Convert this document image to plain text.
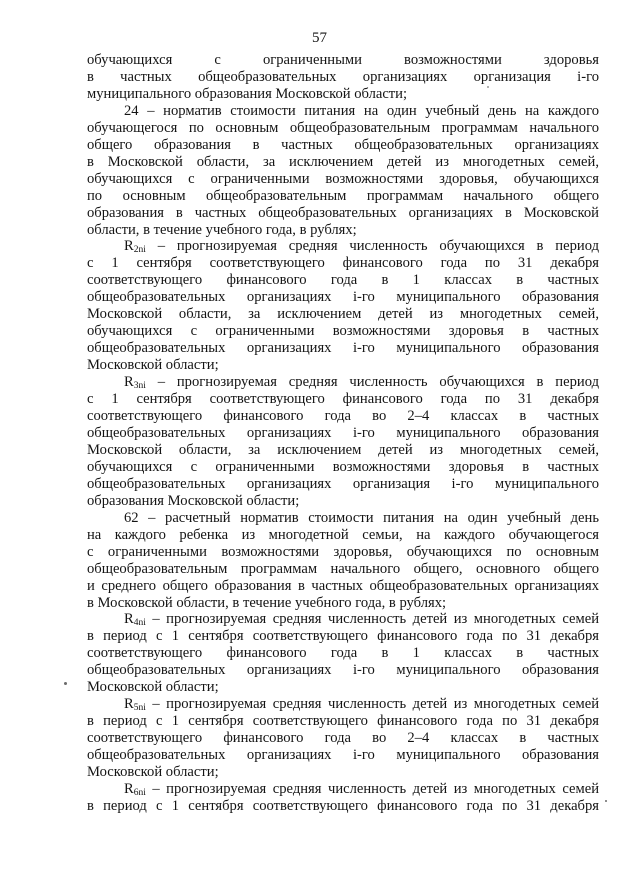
57
обучающихся с ограниченными возможностями здоровья
в частных общеобразовательных организациях организация i-го
муниципального образования Московской области;
24 – норматив стоимости питания на один учебный день на каждого
обучающегося по основным общеобразовательным программам начального
общего образования в частных общеобразовательных организациях
в Московской области, за исключением детей из многодетных семей,
обучающихся с ограниченными возможностями здоровья, обучающихся
по основным общеобразовательным программам начального общего
образования в частных общеобразовательных организациях в Московской
области, в течение учебного года, в рублях;
$R_{2ni}$ – прогнозируемая средняя численность обучающихся в период
с 1 сентября соответствующего финансового года по 31 декабря
соответствующего финансового года в 1 классах в частных
общеобразовательных организациях i-го муниципального образования
Московской области, за исключением детей из многодетных семей,
обучающихся с ограниченными возможностями здоровья в частных
общеобразовательных организациях i-го муниципального образования
Московской области;
$R_{3ni}$ – прогнозируемая средняя численность обучающихся в период
с 1 сентября соответствующего финансового года по 31 декабря
соответствующего финансового года во 2–4 классах в частных
общеобразовательных организациях i-го муниципального образования
Московской области, за исключением детей из многодетных семей,
обучающихся с ограниченными возможностями здоровья в частных
общеобразовательных организациях организация i-го муниципального
образования Московской области;
62 – расчетный норматив стоимости питания на один учебный день
на каждого ребенка из многодетной семьи, на каждого обучающегося
с ограниченными возможностями здоровья, обучающихся по основным
общеобразовательным программам начального общего, основного общего
и среднего общего образования в частных общеобразовательных организациях
в Московской области, в течение учебного года, в рублях;
$R_{4ni}$ – прогнозируемая средняя численность детей из многодетных семей
в период с 1 сентября соответствующего финансового года по 31 декабря
соответствующего финансового года в 1 классах в частных
общеобразовательных организациях i-го муниципального образования
Московской области;
$R_{5ni}$ – прогнозируемая средняя численность детей из многодетных семей
в период с 1 сентября соответствующего финансового года по 31 декабря
соответствующего финансового года во 2–4 классах в частных
общеобразовательных организациях i-го муниципального образования
Московской области;
$R_{6ni}$ – прогнозируемая средняя численность детей из многодетных семей
в период с 1 сентября соответствующего финансового года по 31 декабря
